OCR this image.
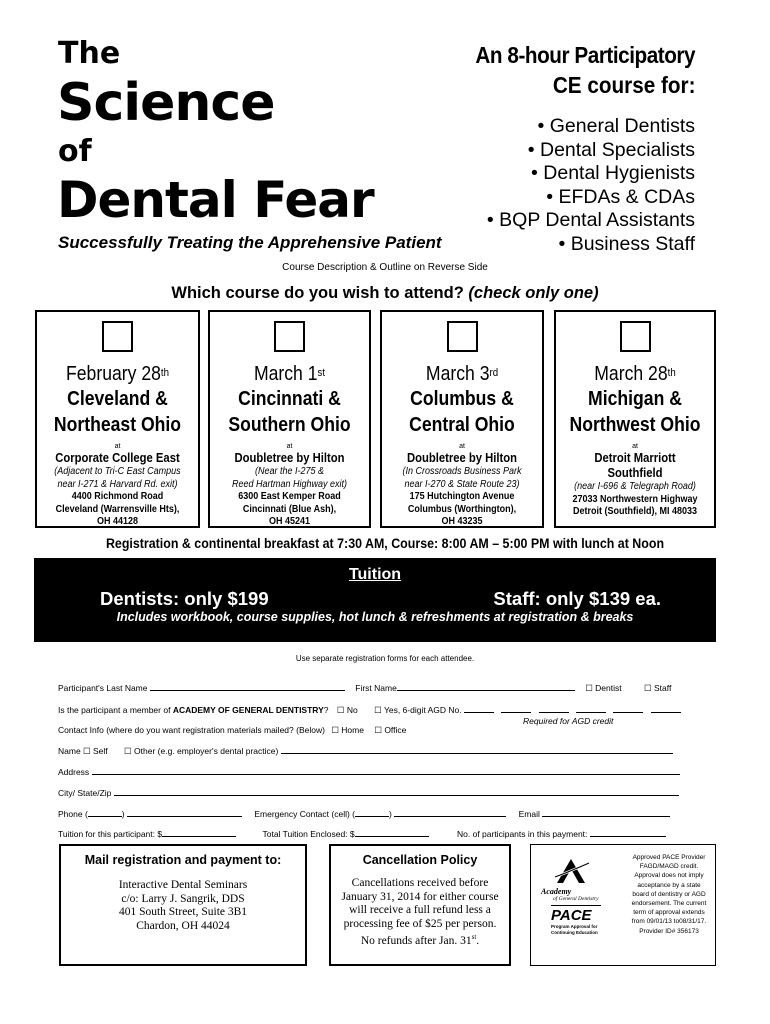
The
Science
of
Dental Fear
Successfully Treating the Apprehensive Patient
An 8-hour Participatory
CE course for:
• General Dentists
• Dental Specialists
• Dental Hygienists
• EFDAs & CDAs
• BQP Dental Assistants
• Business Staff
Course Description & Outline on Reverse Side
Which course do you wish to attend? (check only one)
February 28th
Cleveland &
Northeast Ohio
at
Corporate College East
(Adjacent to Tri-C East Campus
near I-271 & Harvard Rd. exit)
4400 Richmond Road
Cleveland (Warrensville Hts),
OH 44128
March 1st
Cincinnati &
Southern Ohio
at
Doubletree by Hilton
(Near the I-275 &
Reed Hartman Highway exit)
6300 East Kemper Road
Cincinnati (Blue Ash),
OH 45241
March 3rd
Columbus &
Central Ohio
at
Doubletree by Hilton
(In Crossroads Business Park
near I-270 & State Route 23)
175 Hutchington Avenue
Columbus (Worthington),
OH 43235
March 28th
Michigan &
Northwest Ohio
at
Detroit Marriott
Southfield
(near I-696 & Telegraph Road)
27033 Northwestern Highway
Detroit (Southfield), MI 48033
Registration & continental breakfast at 7:30 AM, Course: 8:00 AM – 5:00 PM with lunch at Noon
Tuition
Dentists: only $199	Staff: only $139 ea.
Includes workbook, course supplies, hot lunch & refreshments at registration & breaks
Use separate registration forms for each attendee.
Participant's Last Name	First Name	☐ Dentist	☐ Staff
Is the participant a member of ACADEMY OF GENERAL DENTISTRY? ☐ No ☐ Yes, 6-digit AGD No.
Required for AGD credit
Contact Info (where do you want registration materials mailed? (Below) ☐ Home ☐ Office
Name ☐ Self ☐ Other (e.g. employer's dental practice)
Address
City/ State/Zip
Phone (	)	Emergency Contact (cell) (	)	Email
Tuition for this participant: $	Total Tuition Enclosed: $	No. of participants in this payment:
Mail registration and payment to:
Interactive Dental Seminars
c/o: Larry J. Sangrik, DDS
401 South Street, Suite 3B1
Chardon, OH 44024
Cancellation Policy
Cancellations received before
January 31, 2014 for either course
will receive a full refund less a
processing fee of $25 per person.
No refunds after Jan. 31st.
Academy
of General Dentistry
PACE
Program Approval for
Continuing Education
Approved PACE Provider
FAGD/MAGD credit.
Approval does not imply
acceptance by a state
board of dentistry or AGD
endorsement. The current
term of approval extends
from 09/01/13 to08/31/17.
Provider ID# 356173
